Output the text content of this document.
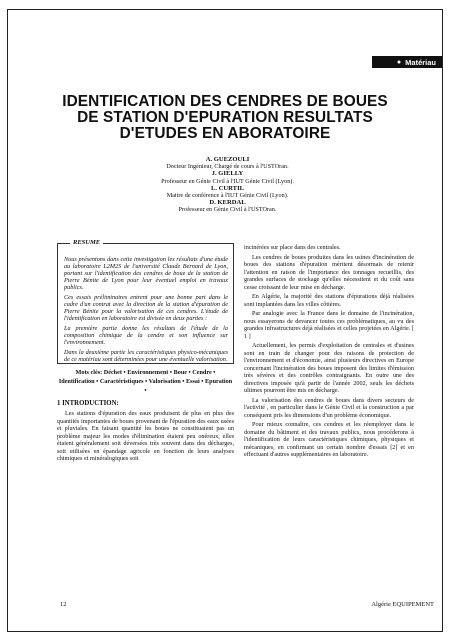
● Matériau
IDENTIFICATION DES CENDRES DE BOUES DE STATION D'EPURATION RESULTATS D'ETUDES EN ABORATOIRE
A. GUEZOULI
Docteur Ingénieur, Chargé de cours à l'USTOran.
J. GIELLY
Professeur en Génie Civil à l'IUT Génie Civil (Lyon).
L. CURTIL
Maitre de conférence à l'IUT Génie Civil (Lyon).
D. KERDAL
Professeur en Génie Civil à l'USTOran.
RESUME

Nous présentons dans cette investigation les résultats d'une étude au laboratoire L2M2S de l'université Claude Bernard de Lyon, portant sur l'identification des cendres de boue de la station de Pierre Bénite de Lyon pour leur éventuel emploi en travaux publics.

Ces essais préliminaires entrent pour une bonne part dans le cadre d'un contrat avec la direction de la station d'épuration de Pierre Bénite pour la valorisation de ces cendres. L'étude de l'identification en laboratoire est divisée en deux parties :

La première partie donne les résultats de l'étude de la composition chimique de la cendre et son influence sur l'environnement.

Dans la deuxième partie les caractéristiques physico-mécaniques de ce matériau sont déterminées pour une éventuelle valorisation.

Mots clés: Déchet • Environnement • Boue • Cendre • Identification • Caractéristiques • Valorisation • Essai • Epuration •
1 INTRODUCTION:

Les stations d'épuration des eaux produisent de plus en plus des quantités importantes de boues provenant de l'épuration des eaux usées et pluviales. En faisant quantité les boues ne constituaient pas un problème majeur les modes d'élimination étaient peu onéreux, elles étaient généralement soit déversées très souvent dans des décharges, soit utilisées en épandage agricole en fonction de leurs analyses chimiques et minéralogiques soit

incinérées sur place dans des centrales.

Les cendres de boues produites dans les usines d'incinération de boues des stations d'épuration méritent désormais de retenir l'attention en raison de l'importance des tonnages recueillis, des grandes surfaces de stockage qu'elles nécessitent et du coût sans cesse croissant de leur mise en décharge.

En Algérie, la majorité des stations d'épurations déjà réalisées sont implantées dans les villes côtières.

Par analogie avec la France dans le domaine de l'incinération, nous essayerons de devancer toutes ces problématiques, au vu des grandes infrastructures déjà réalisées et celles projetées en Algérie. [ 1 ]

Actuellement, les permis d'exploitation de centrales et d'usines sont en train de changer pour des raisons de protection de l'environnement et d'économie, ainsi plusieurs directives en Europe concernant l'incinération des boues imposent des limites d'émission très sévères et des contrôles contraignants. En outre une des directives imposée qu'à partir de l'année 2002, seuls les déchets ultimes pourront être mis en décharge.

La valorisation des cendres de boues dans divers secteurs de l'activité , en particulier dans le Génie Civil et la construction a par conséquent pris les dimensions d'un problème économique.

Pour mieux connaître, ces cendres et les réemployer dans le domaine du bâtiment et des travaux publics, nous procéderons à l'identification de leurs caractéristiques chimiques, physiques et mécaniques, en confirmant un certain nombre d'essais [2] et en effectuant d'autres supplémentaires en laboratoire.

12	Algérie EQUIPEMENT
